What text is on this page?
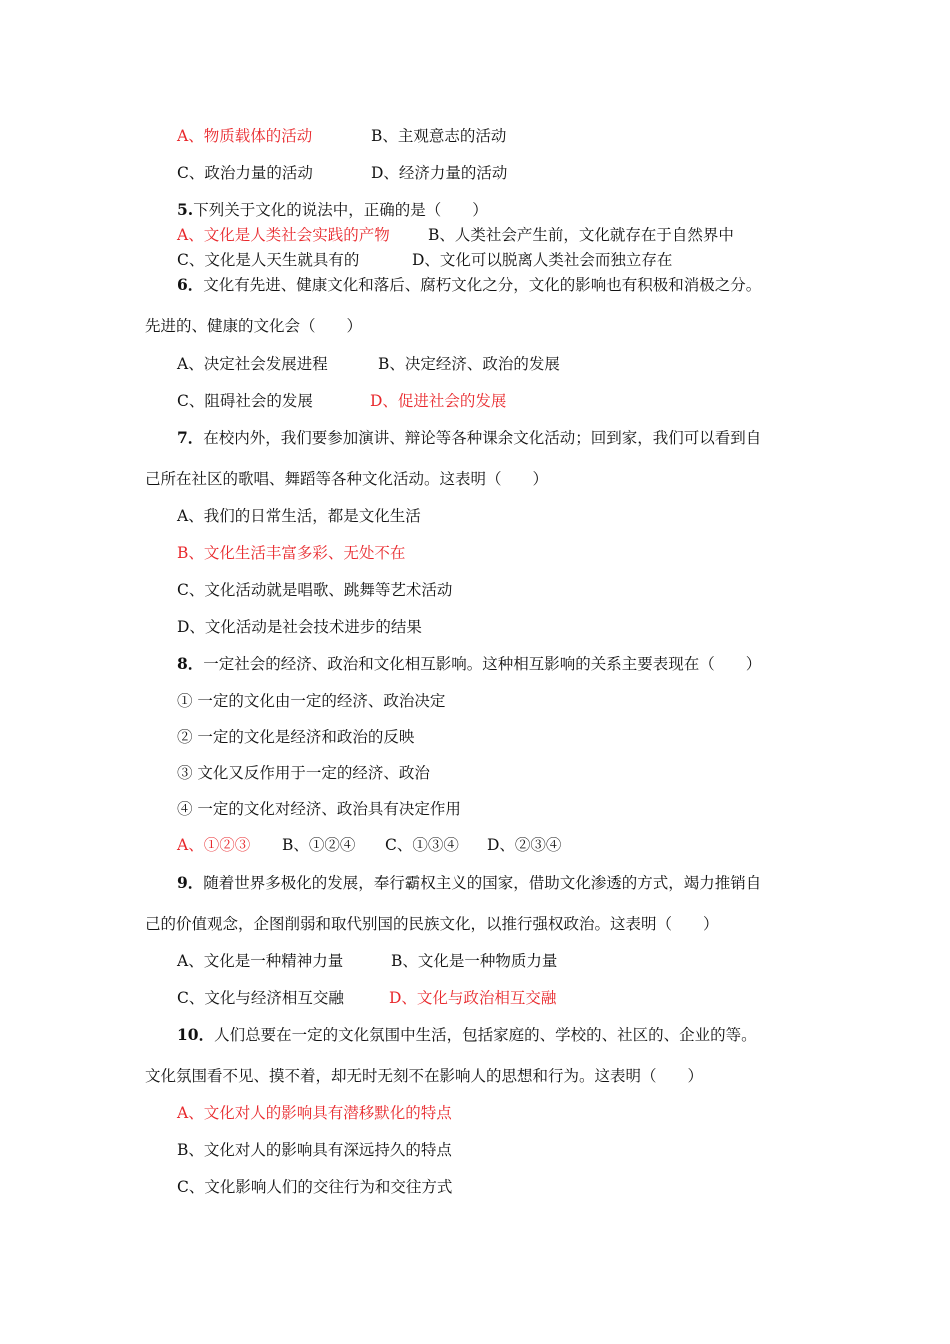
A、物质载体的活动	B、主观意志的活动
C、政治力量的活动	D、经济力量的活动
5.下列关于文化的说法中，正确的是（　　）
A、文化是人类社会实践的产物 B、人类社会产生前，文化就存在于自然界中
C、文化是人天生就具有的	D、文化可以脱离人类社会而独立存在
6．文化有先进、健康文化和落后、腐朽文化之分，文化的影响也有积极和消极之分。
先进的、健康的文化会（　　）
A、决定社会发展进程	B、决定经济、政治的发展
C、阻碍社会的发展	D、促进社会的发展
7．在校内外，我们要参加演讲、辩论等各种课余文化活动；回到家，我们可以看到自
己所在社区的歌唱、舞蹈等各种文化活动。这表明（　　）
A、我们的日常生活，都是文化生活
B、文化生活丰富多彩、无处不在
C、文化活动就是唱歌、跳舞等艺术活动
D、文化活动是社会技术进步的结果
8．一定社会的经济、政治和文化相互影响。这种相互影响的关系主要表现在（　　）
① 一定的文化由一定的经济、政治决定
② 一定的文化是经济和政治的反映
③ 文化又反作用于一定的经济、政治
④ 一定的文化对经济、政治具有决定作用
A、①②③ B、①②④ C、①③④ D、②③④
9．随着世界多极化的发展，奉行霸权主义的国家，借助文化渗透的方式，竭力推销自
己的价值观念，企图削弱和取代别国的民族文化，以推行强权政治。这表明（　　）
A、文化是一种精神力量	B、文化是一种物质力量
C、文化与经济相互交融	D、文化与政治相互交融
10．人们总要在一定的文化氛围中生活，包括家庭的、学校的、社区的、企业的等。
文化氛围看不见、摸不着，却无时无刻不在影响人的思想和行为。这表明（　　）
A、文化对人的影响具有潜移默化的特点
B、文化对人的影响具有深远持久的特点
C、文化影响人们的交往行为和交往方式
